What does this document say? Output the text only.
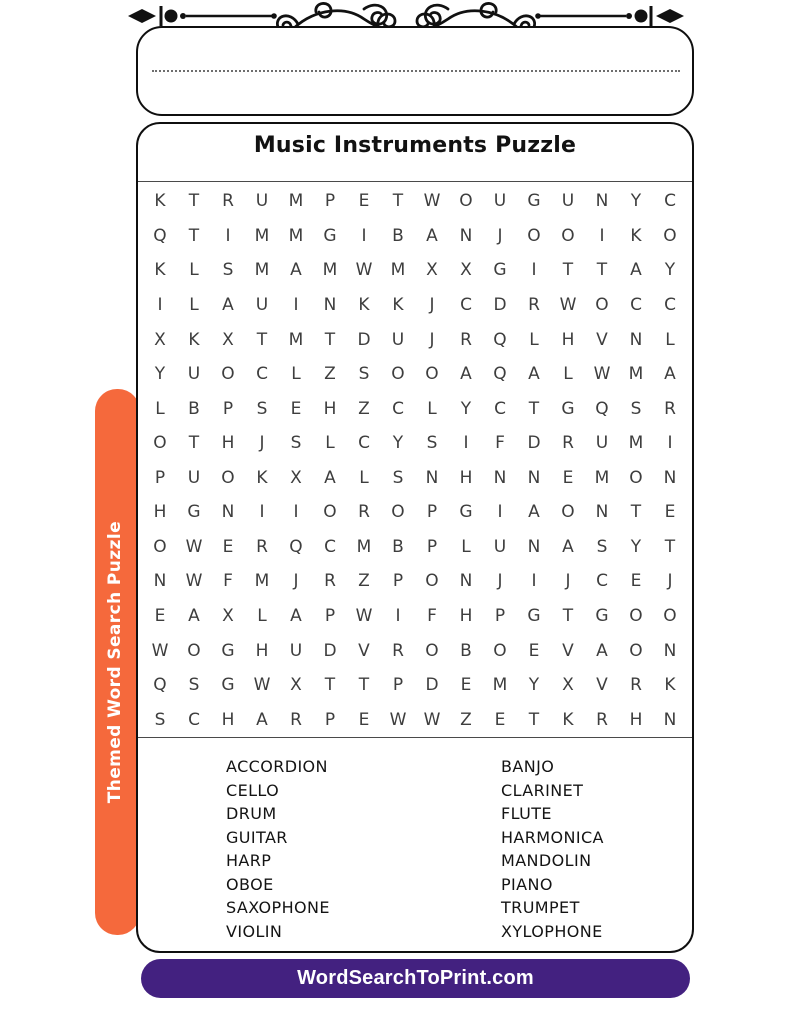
Music Instruments Puzzle
K	T	R	U	M	P	E	T	W	O	U	G	U	N	Y	C
Q	T	I	M	M	G	I	B	A	N	J	O	O	I	K	O
K	L	S	M	A	M	W	M	X	X	G	I	T	T	A	Y
I	L	A	U	I	N	K	K	J	C	D	R	W	O	C	C
X	K	X	T	M	T	D	U	J	R	Q	L	H	V	N	L
Y	U	O	C	L	Z	S	O	O	A	Q	A	L	W	M	A
L	B	P	S	E	H	Z	C	L	Y	C	T	G	Q	S	R
O	T	H	J	S	L	C	Y	S	I	F	D	R	U	M	I
P	U	O	K	X	A	L	S	N	H	N	N	E	M	O	N
H	G	N	I	I	O	R	O	P	G	I	A	O	N	T	E
O	W	E	R	Q	C	M	B	P	L	U	N	A	S	Y	T
N	W	F	M	J	R	Z	P	O	N	J	I	J	C	E	J
E	A	X	L	A	P	W	I	F	H	P	G	T	G	O	O
W	O	G	H	U	D	V	R	O	B	O	E	V	A	O	N
Q	S	G	W	X	T	T	P	D	E	M	Y	X	V	R	K
S	C	H	A	R	P	E	W	W	Z	E	T	K	R	H	N
ACCORDION
CELLO
DRUM
GUITAR
HARP
OBOE
SAXOPHONE
VIOLIN
BANJO
CLARINET
FLUTE
HARMONICA
MANDOLIN
PIANO
TRUMPET
XYLOPHONE
Themed Word Search Puzzle
WordSearchToPrint.com
